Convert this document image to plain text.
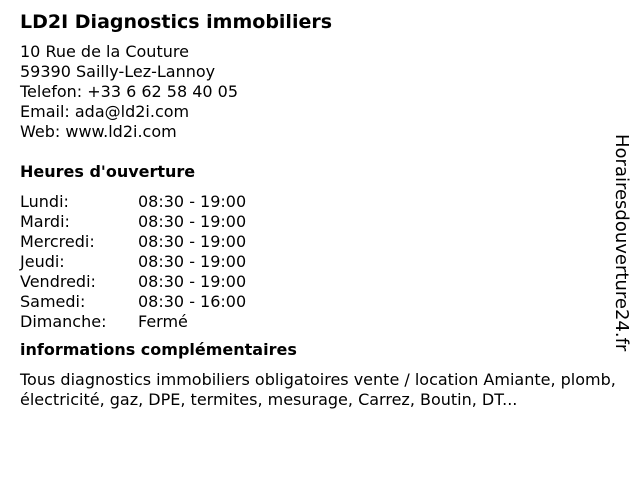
LD2I Diagnostics immobiliers
10 Rue de la Couture
59390 Sailly-Lez-Lannoy
Telefon: +33 6 62 58 40 05
Email: ada@ld2i.com
Web: www.ld2i.com
Heures d'ouverture
Lundi:	08:30 - 19:00
Mardi:	08:30 - 19:00
Mercredi:	08:30 - 19:00
Jeudi:	08:30 - 19:00
Vendredi:	08:30 - 19:00
Samedi:	08:30 - 16:00
Dimanche:	Fermé
informations complémentaires
Tous diagnostics immobiliers obligatoires vente / location Amiante, plomb, électricité, gaz, DPE, termites, mesurage, Carrez, Boutin, DT...
Horairesdouverture24.fr
